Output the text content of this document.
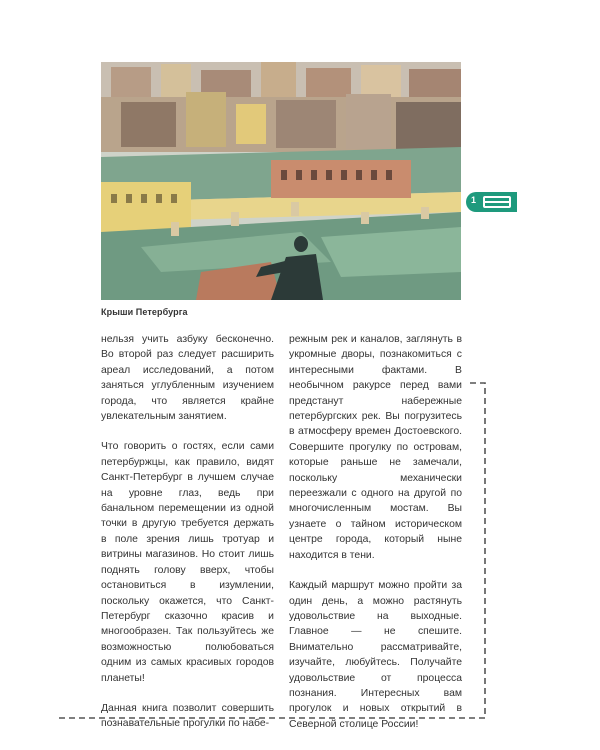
Крыши Петербурга

нельзя учить азбуку бесконечно. Во второй раз следует расширить ареал исследований, а потом заняться углубленным изучением города, что является крайне увлекательным занятием.

Что говорить о гостях, если сами петербуржцы, как правило, видят Санкт-Петербург в лучшем случае на уровне глаз, ведь при банальном перемещении из одной точки в другую требуется держать в поле зрения лишь тротуар и витрины магазинов. Но стоит лишь поднять голову вверх, чтобы остановиться в изумлении, поскольку окажется, что Санкт-Петербург сказочно красив и многообразен. Так пользуйтесь же возможностью полюбоваться одним из самых красивых городов планеты!

Данная книга позволит совершить познавательные прогулки по набе-

режным рек и каналов, заглянуть в укромные дворы, познакомиться с интересными фактами. В необычном ракурсе перед вами предстанут набережные петербургских рек. Вы погрузитесь в атмосферу времен Достоевского. Совершите прогулку по островам, которые раньше не замечали, поскольку механически переезжали с одного на другой по многочисленным мостам. Вы узнаете о тайном историческом центре города, который ныне находится в тени.

Каждый маршрут можно пройти за один день, а можно растянуть удовольствие на выходные. Главное — не спешите. Внимательно рассматривайте, изучайте, любуйтесь. Получайте удовольствие от процесса познания. Интересных вам прогулок и новых открытий в Северной столице России!

1
